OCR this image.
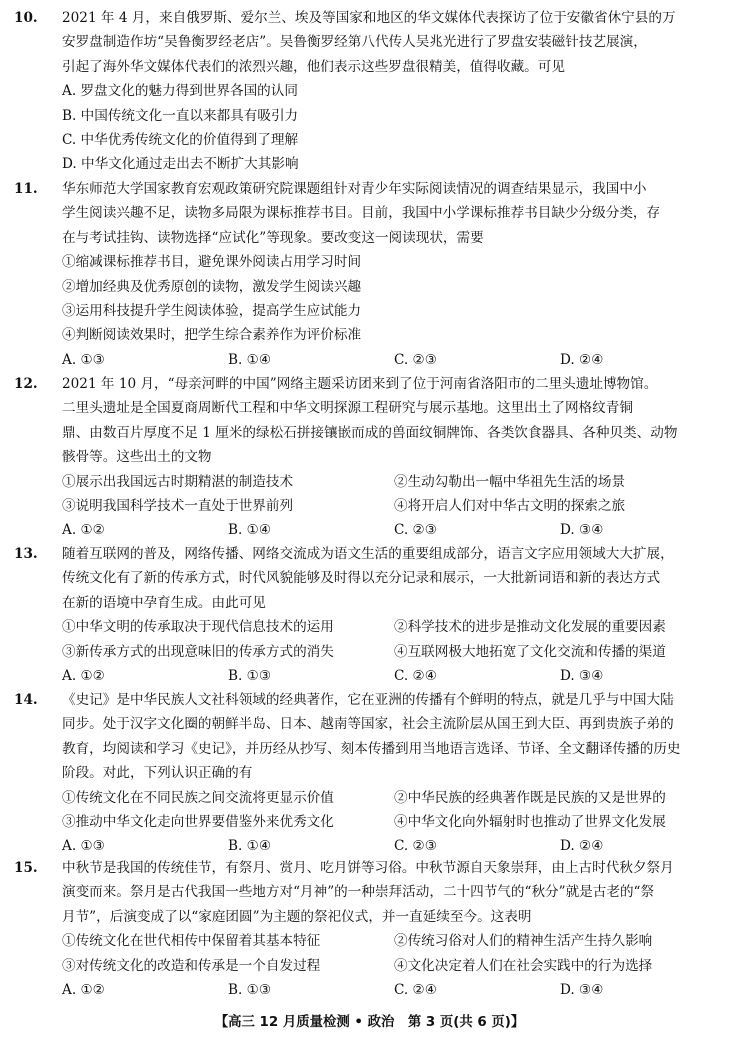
10. 2021 年 4 月，来自俄罗斯、爱尔兰、埃及等国家和地区的华文媒体代表探访了位于安徽省休宁县的万
安罗盘制造作坊“吴鲁衡罗经老店”。吴鲁衡罗经第八代传人吴兆光进行了罗盘安装磁针技艺展演，
引起了海外华文媒体代表们的浓烈兴趣，他们表示这些罗盘很精美，值得收藏。可见
A. 罗盘文化的魅力得到世界各国的认同
B. 中国传统文化一直以来都具有吸引力
C. 中华优秀传统文化的价值得到了理解
D. 中华文化通过走出去不断扩大其影响
11. 华东师范大学国家教育宏观政策研究院课题组针对青少年实际阅读情况的调查结果显示，我国中小
学生阅读兴趣不足，读物多局限为课标推荐书目。目前，我国中小学课标推荐书目缺少分级分类，存
在与考试挂钩、读物选择“应试化”等现象。要改变这一阅读现状，需要
①缩减课标推荐书目，避免课外阅读占用学习时间
②增加经典及优秀原创的读物，激发学生阅读兴趣
③运用科技提升学生阅读体验，提高学生应试能力
④判断阅读效果时，把学生综合素养作为评价标准
A. ①③	B. ①④	C. ②③	D. ②④
12. 2021 年 10 月，“母亲河畔的中国”网络主题采访团来到了位于河南省洛阳市的二里头遗址博物馆。
二里头遗址是全国夏商周断代工程和中华文明探源工程研究与展示基地。这里出土了网格纹青铜
鼎、由数百片厚度不足 1 厘米的绿松石拼接镶嵌而成的兽面纹铜牌饰、各类饮食器具、各种贝类、动物
骸骨等。这些出土的文物
①展示出我国远古时期精湛的制造技术	②生动勾勒出一幅中华祖先生活的场景
③说明我国科学技术一直处于世界前列	④将开启人们对中华古文明的探索之旅
A. ①②	B. ①④	C. ②③	D. ③④
13. 随着互联网的普及，网络传播、网络交流成为语文生活的重要组成部分，语言文字应用领域大大扩展，
传统文化有了新的传承方式，时代风貌能够及时得以充分记录和展示，一大批新词语和新的表达方式
在新的语境中孕育生成。由此可见
①中华文明的传承取决于现代信息技术的运用	②科学技术的进步是推动文化发展的重要因素
③新传承方式的出现意味旧的传承方式的消失	④互联网极大地拓宽了文化交流和传播的渠道
A. ①②	B. ①③	C. ②④	D. ③④
14. 《史记》是中华民族人文社科领域的经典著作，它在亚洲的传播有个鲜明的特点，就是几乎与中国大陆
同步。处于汉字文化圈的朝鲜半岛、日本、越南等国家，社会主流阶层从国王到大臣、再到贵族子弟的
教育，均阅读和学习《史记》，并历经从抄写、刻本传播到用当地语言选译、节译、全文翻译传播的历史
阶段。对此，下列认识正确的有
①传统文化在不同民族之间交流将更显示价值	②中华民族的经典著作既是民族的又是世界的
③推动中华文化走向世界要借鉴外来优秀文化	④中华文化向外辐射时也推动了世界文化发展
A. ①③	B. ①④	C. ②③	D. ②④
15. 中秋节是我国的传统佳节，有祭月、赏月、吃月饼等习俗。中秋节源自天象崇拜，由上古时代秋夕祭月
演变而来。祭月是古代我国一些地方对“月神”的一种崇拜活动，二十四节气的“秋分”就是古老的“祭
月节”，后演变成了以“家庭团圆”为主题的祭祀仪式，并一直延续至今。这表明
①传统文化在世代相传中保留着其基本特征	②传统习俗对人们的精神生活产生持久影响
③对传统文化的改造和传承是一个自发过程	④文化决定着人们在社会实践中的行为选择
A. ①②	B. ①③	C. ②④	D. ③④
【高三 12 月质量检测 • 政治　第 3 页(共 6 页)】
